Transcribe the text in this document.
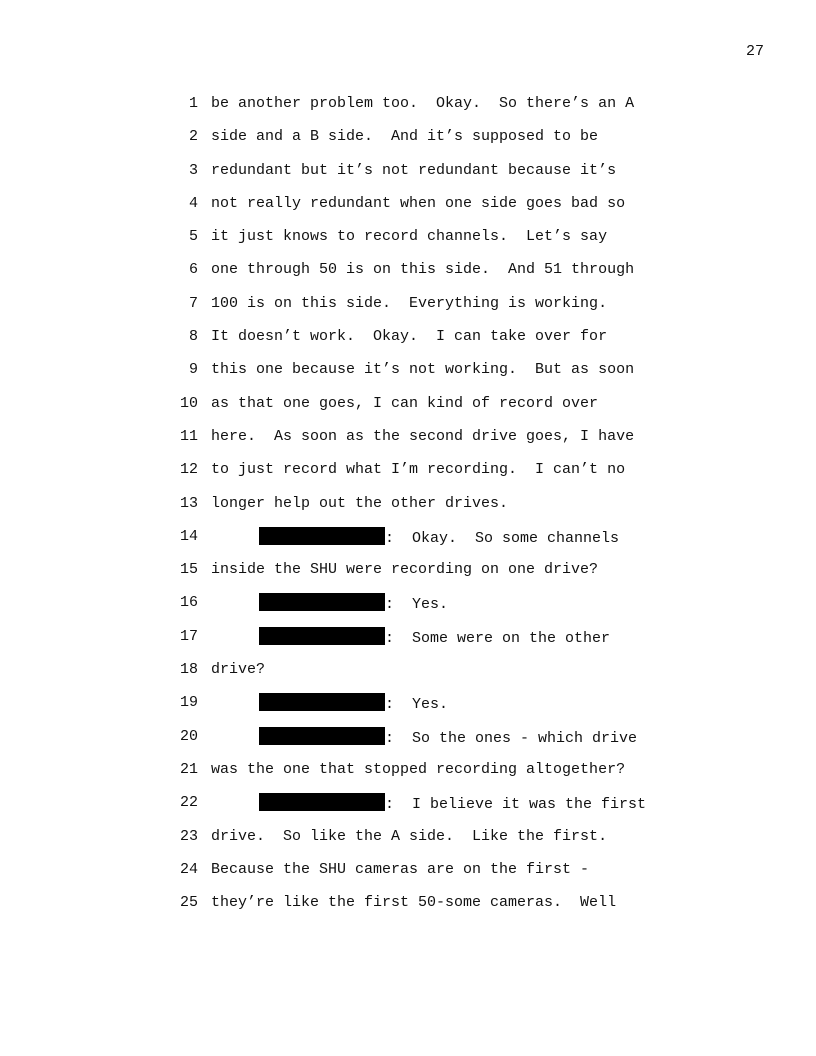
27
1 be another problem too.  Okay.  So there’s an A
2 side and a B side.  And it’s supposed to be
3 redundant but it’s not redundant because it’s
4 not really redundant when one side goes bad so
5 it just knows to record channels.  Let’s say
6 one through 50 is on this side.  And 51 through
7 100 is on this side.  Everything is working.
8 It doesn’t work.  Okay.  I can take over for
9 this one because it’s not working.  But as soon
10 as that one goes, I can kind of record over
11 here.  As soon as the second drive goes, I have
12 to just record what I’m recording.  I can’t no
13 longer help out the other drives.
14	:  Okay.  So some channels
15 inside the SHU were recording on one drive?
16	:  Yes.
17	:  Some were on the other
18 drive?
19	:  Yes.
20	:  So the ones - which drive
21 was the one that stopped recording altogether?
22	:  I believe it was the first
23 drive.  So like the A side.  Like the first.
24 Because the SHU cameras are on the first -
25 they’re like the first 50-some cameras.  Well
